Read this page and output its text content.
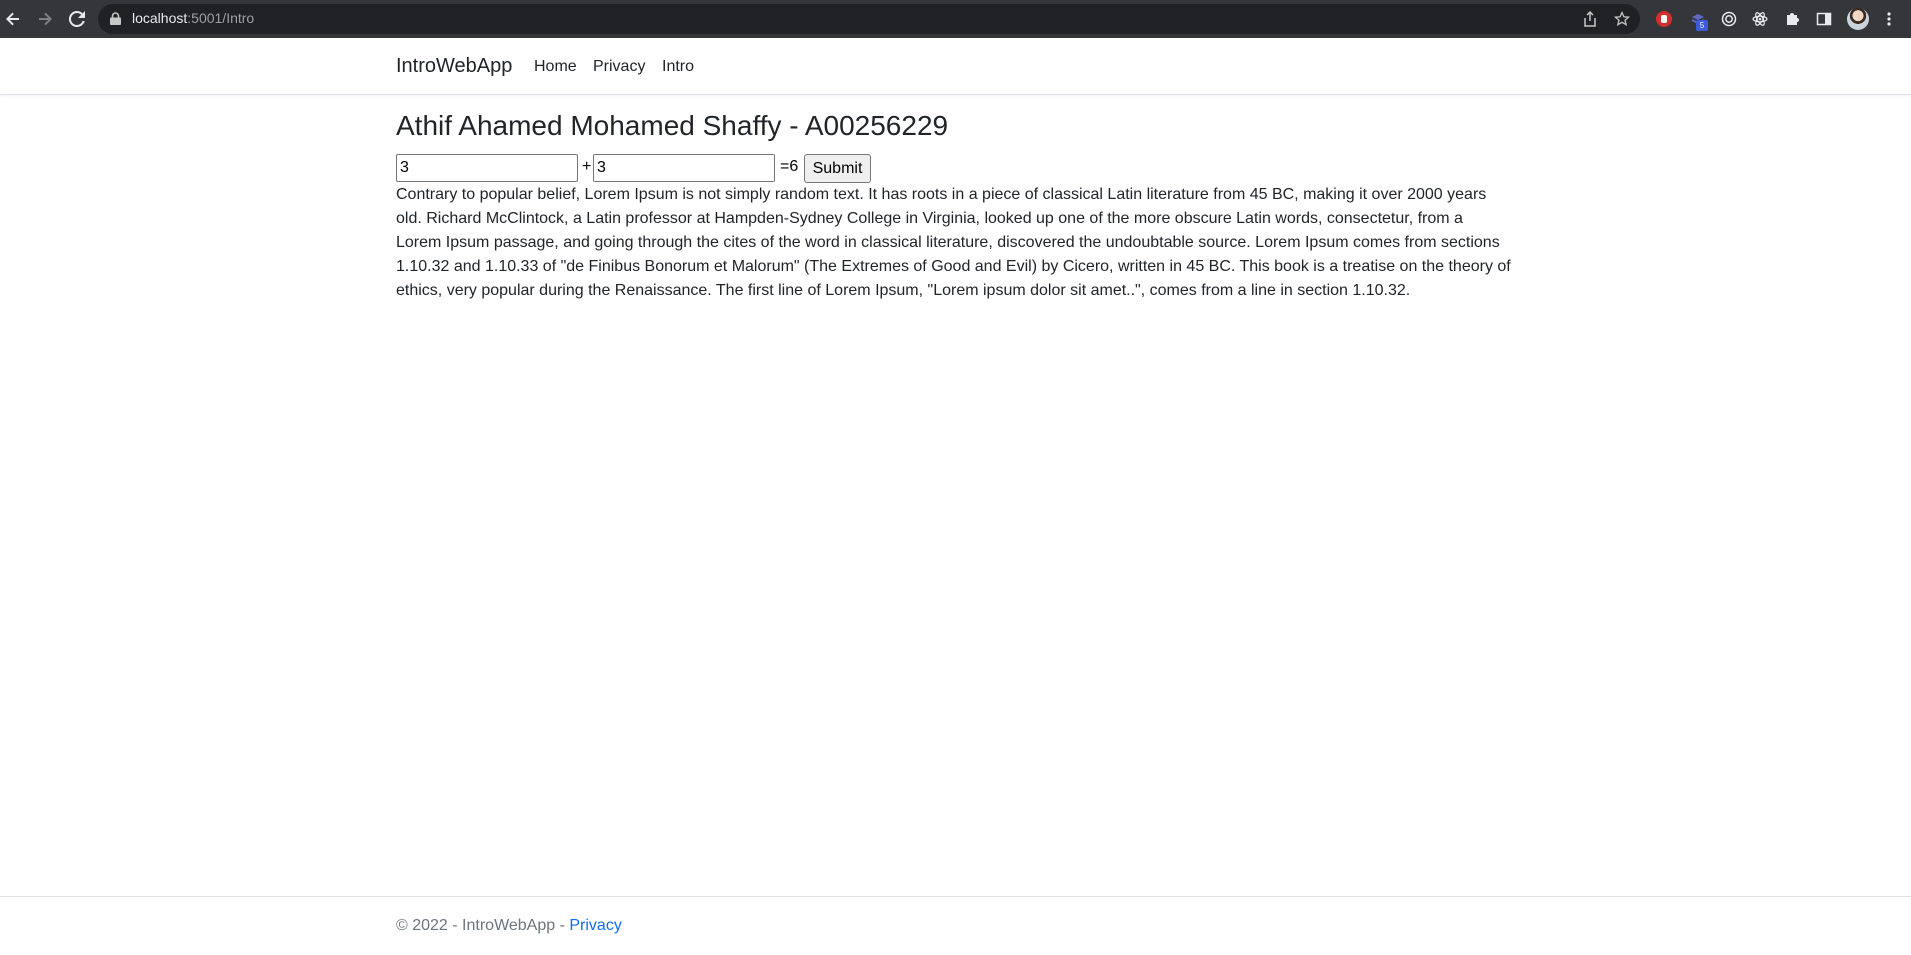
localhost:5001/Intro	5
IntroWebApp Home Privacy Intro
Athif Ahamed Mohamed Shaffy - A00256229
3
+
3	=6 Submit

Contrary to popular belief, Lorem Ipsum is not simply random text. It has roots in a piece of classical Latin literature from 45 BC, making it over 2000 years old. Richard McClintock, a Latin professor at Hampden-Sydney College in Virginia, looked up one of the more obscure Latin words, consectetur, from a Lorem Ipsum passage, and going through the cites of the word in classical literature, discovered the undoubtable source. Lorem Ipsum comes from sections 1.10.32 and 1.10.33 of "de Finibus Bonorum et Malorum" (The Extremes of Good and Evil) by Cicero, written in 45 BC. This book is a treatise on the theory of ethics, very popular during the Renaissance. The first line of Lorem Ipsum, "Lorem ipsum dolor sit amet..", comes from a line in section 1.10.32.

© 2022 - IntroWebApp - Privacy
